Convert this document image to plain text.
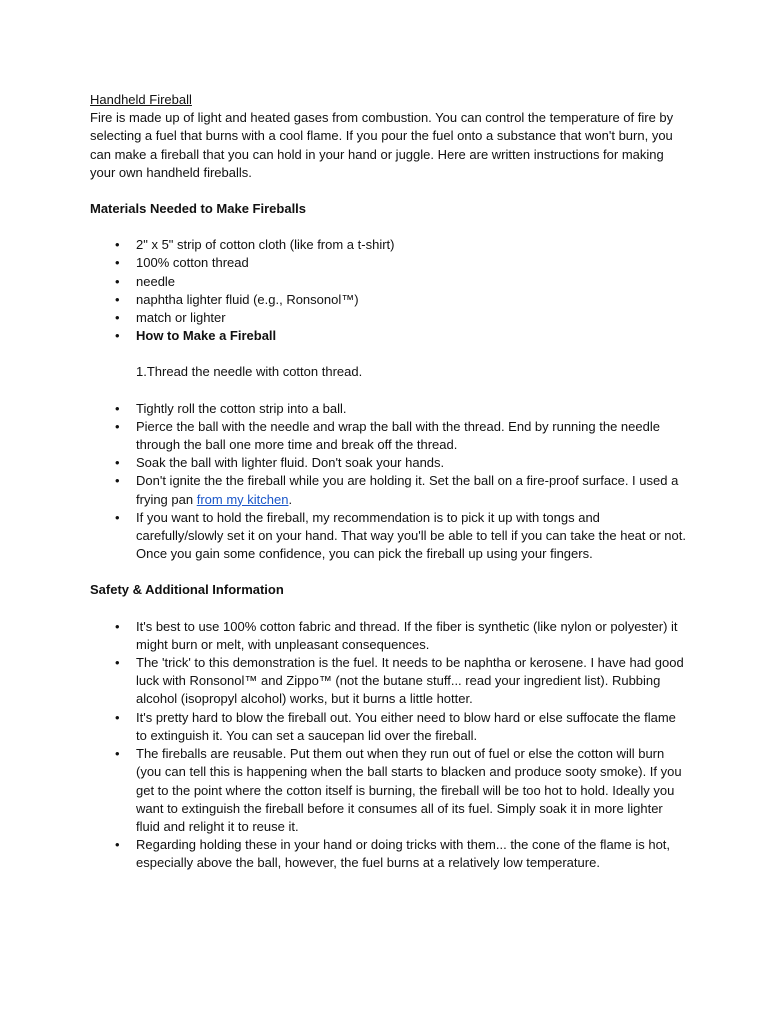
Handheld Fireball

Fire is made up of light and heated gases from combustion. You can control the temperature of fire by selecting a fuel that burns with a cool flame. If you pour the fuel onto a substance that won't burn, you can make a fireball that you can hold in your hand or juggle. Here are written instructions for making your own handheld fireballs.

Materials Needed to Make Fireballs

• 2" x 5" strip of cotton cloth (like from a t-shirt)
• 100% cotton thread
• needle
• naphtha lighter fluid (e.g., Ronsonol™)
• match or lighter
• How to Make a Fireball

1.Thread the needle with cotton thread.

• Tightly roll the cotton strip into a ball.
• Pierce the ball with the needle and wrap the ball with the thread. End by running the needle through the ball one more time and break off the thread.
• Soak the ball with lighter fluid. Don't soak your hands.
• Don't ignite the the fireball while you are holding it. Set the ball on a fire-proof surface. I used a frying pan from my kitchen.
• If you want to hold the fireball, my recommendation is to pick it up with tongs and carefully/slowly set it on your hand. That way you'll be able to tell if you can take the heat or not. Once you gain some confidence, you can pick the fireball up using your fingers.

Safety & Additional Information

• It's best to use 100% cotton fabric and thread. If the fiber is synthetic (like nylon or polyester) it might burn or melt, with unpleasant consequences.
• The 'trick' to this demonstration is the fuel. It needs to be naphtha or kerosene. I have had good luck with Ronsonol™ and Zippo™ (not the butane stuff... read your ingredient list). Rubbing alcohol (isopropyl alcohol) works, but it burns a little hotter.
• It's pretty hard to blow the fireball out. You either need to blow hard or else suffocate the flame to extinguish it. You can set a saucepan lid over the fireball.
• The fireballs are reusable. Put them out when they run out of fuel or else the cotton will burn (you can tell this is happening when the ball starts to blacken and produce sooty smoke). If you get to the point where the cotton itself is burning, the fireball will be too hot to hold. Ideally you want to extinguish the fireball before it consumes all of its fuel. Simply soak it in more lighter fluid and relight it to reuse it.
• Regarding holding these in your hand or doing tricks with them... the cone of the flame is hot, especially above the ball, however, the fuel burns at a relatively low temperature.
